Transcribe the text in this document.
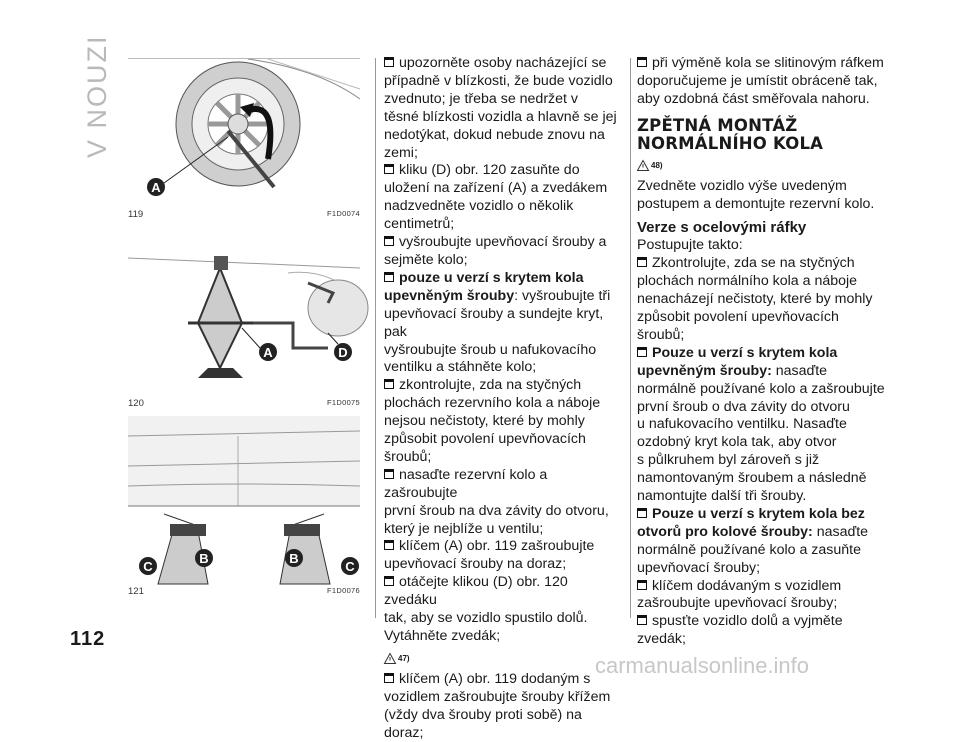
V NOUZI
112
A
119	F1D0074
A	D
120	F1D0075
C
B	B
C
121	F1D0076

upozorněte osoby nacházející se

případně v blízkosti, že bude vozidlo

zvednuto; je třeba se nedržet v

těsné blízkosti vozidla a hlavně se jej

nedotýkat, dokud nebude znovu na

zemi;

kliku (D) obr. 120 zasuňte do

uložení na zařízení (A) a zvedákem

nadzvedněte vozidlo o několik

centimetrů;

vyšroubujte upevňovací šrouby a

sejměte kolo;

pouze u verzí s krytem kola

upevněným šrouby: vyšroubujte tři

upevňovací šrouby a sundejte kryt, pak

vyšroubujte šroub u nafukovacího

ventilku a stáhněte kolo;

zkontrolujte, zda na styčných

plochách rezervního kola a náboje

nejsou nečistoty, které by mohly

způsobit povolení upevňovacích

šroubů;

nasaďte rezervní kolo a zašroubujte

první šroub na dva závity do otvoru,

který je nejblíže u ventilu;

klíčem (A) obr. 119 zašroubujte

upevňovací šrouby na doraz;

otáčejte klikou (D) obr. 120 zvedáku

tak, aby se vozidlo spustilo dolů.

Vytáhněte zvedák;

47)

klíčem (A) obr. 119 dodaným s

vozidlem zašroubujte šrouby křížem

(vždy dva šrouby proti sobě) na doraz;

při výměně kola se slitinovým ráfkem

doporučujeme je umístit obráceně tak,

aby ozdobná část směřovala nahoru.

ZPĚTNÁ MONTÁŽ
NORMÁLNÍHO KOLA
48)

Zvedněte vozidlo výše uvedeným

postupem a demontujte rezervní kolo.

Verze s ocelovými ráfky

Postupujte takto:

Zkontrolujte, zda se na styčných

plochách normálního kola a náboje

nenacházejí nečistoty, které by mohly

způsobit povolení upevňovacích

šroubů;

Pouze u verzí s krytem kola

upevněným šrouby: nasaďte

normálně používané kolo a zašroubujte

první šroub o dva závity do otvoru

u nafukovacího ventilku. Nasaďte

ozdobný kryt kola tak, aby otvor

s půlkruhem byl zároveň s již

namontovaným šroubem a následně

namontujte další tři šrouby.

Pouze u verzí s krytem kola bez

otvorů pro kolové šrouby: nasaďte

normálně používané kolo a zasuňte

upevňovací šrouby;

klíčem dodávaným s vozidlem

zašroubujte upevňovací šrouby;

spusťte vozidlo dolů a vyjměte

zvedák;

carmanualsonline.info
